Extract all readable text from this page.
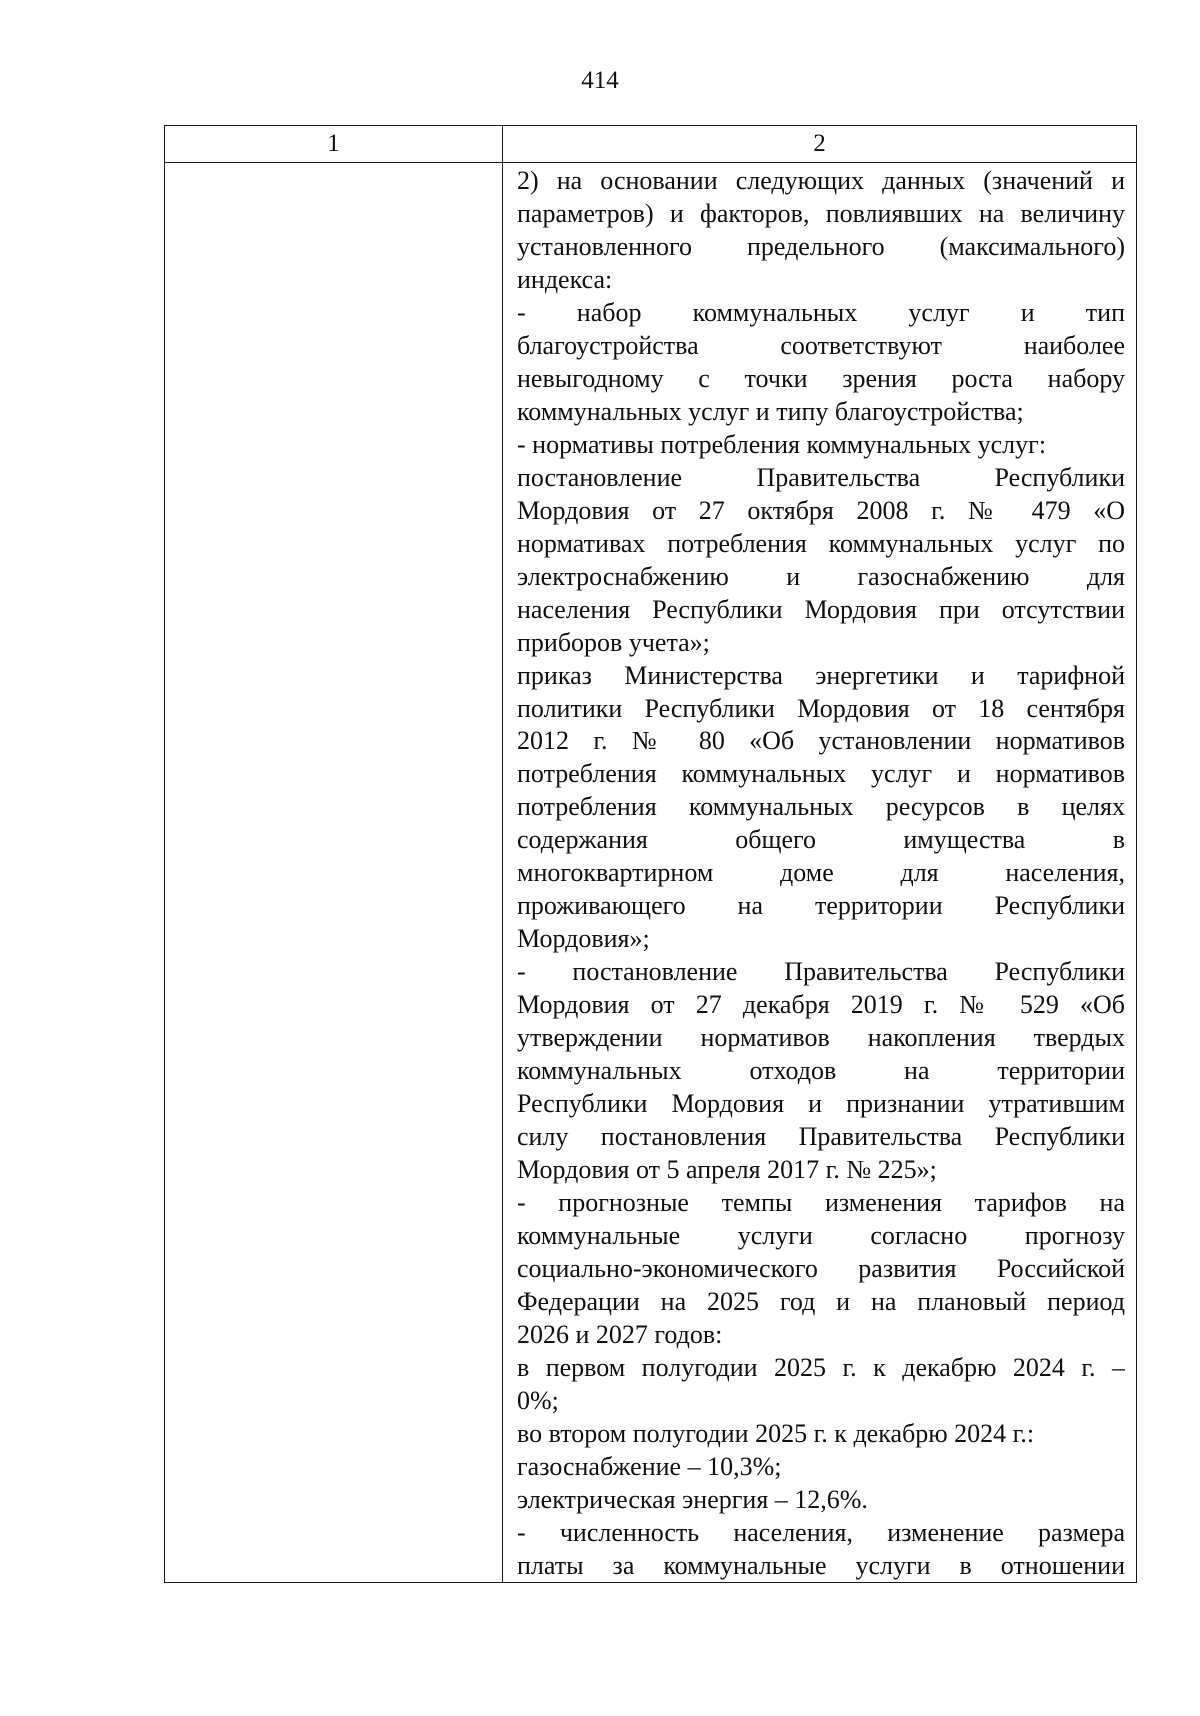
414
1	2
2) на основании следующих данных (значений и
параметров) и факторов, повлиявших на величину
установленного предельного (максимального)
индекса:
- набор коммунальных услуг и тип
благоустройства соответствуют наиболее
невыгодному с точки зрения роста набору
коммунальных услуг и типу благоустройства;
- нормативы потребления коммунальных услуг:
постановление Правительства Республики
Мордовия от 27 октября 2008 г. № 479 «О
нормативах потребления коммунальных услуг по
электроснабжению и газоснабжению для
населения Республики Мордовия при отсутствии
приборов учета»;
приказ Министерства энергетики и тарифной
политики Республики Мордовия от 18 сентября
2012 г. № 80 «Об установлении нормативов
потребления коммунальных услуг и нормативов
потребления коммунальных ресурсов в целях
содержания общего имущества в
многоквартирном доме для населения,
проживающего на территории Республики
Мордовия»;
- постановление Правительства Республики
Мордовия от 27 декабря 2019 г. № 529 «Об
утверждении нормативов накопления твердых
коммунальных отходов на территории
Республики Мордовия и признании утратившим
силу постановления Правительства Республики
Мордовия от 5 апреля 2017 г. № 225»;
- прогнозные темпы изменения тарифов на
коммунальные услуги согласно прогнозу
социально-экономического развития Российской
Федерации на 2025 год и на плановый период
2026 и 2027 годов:
в первом полугодии 2025 г. к декабрю 2024 г. –
0%;
во втором полугодии 2025 г. к декабрю 2024 г.:
газоснабжение – 10,3%;
электрическая энергия – 12,6%.
- численность населения, изменение размера
платы за коммунальные услуги в отношении
